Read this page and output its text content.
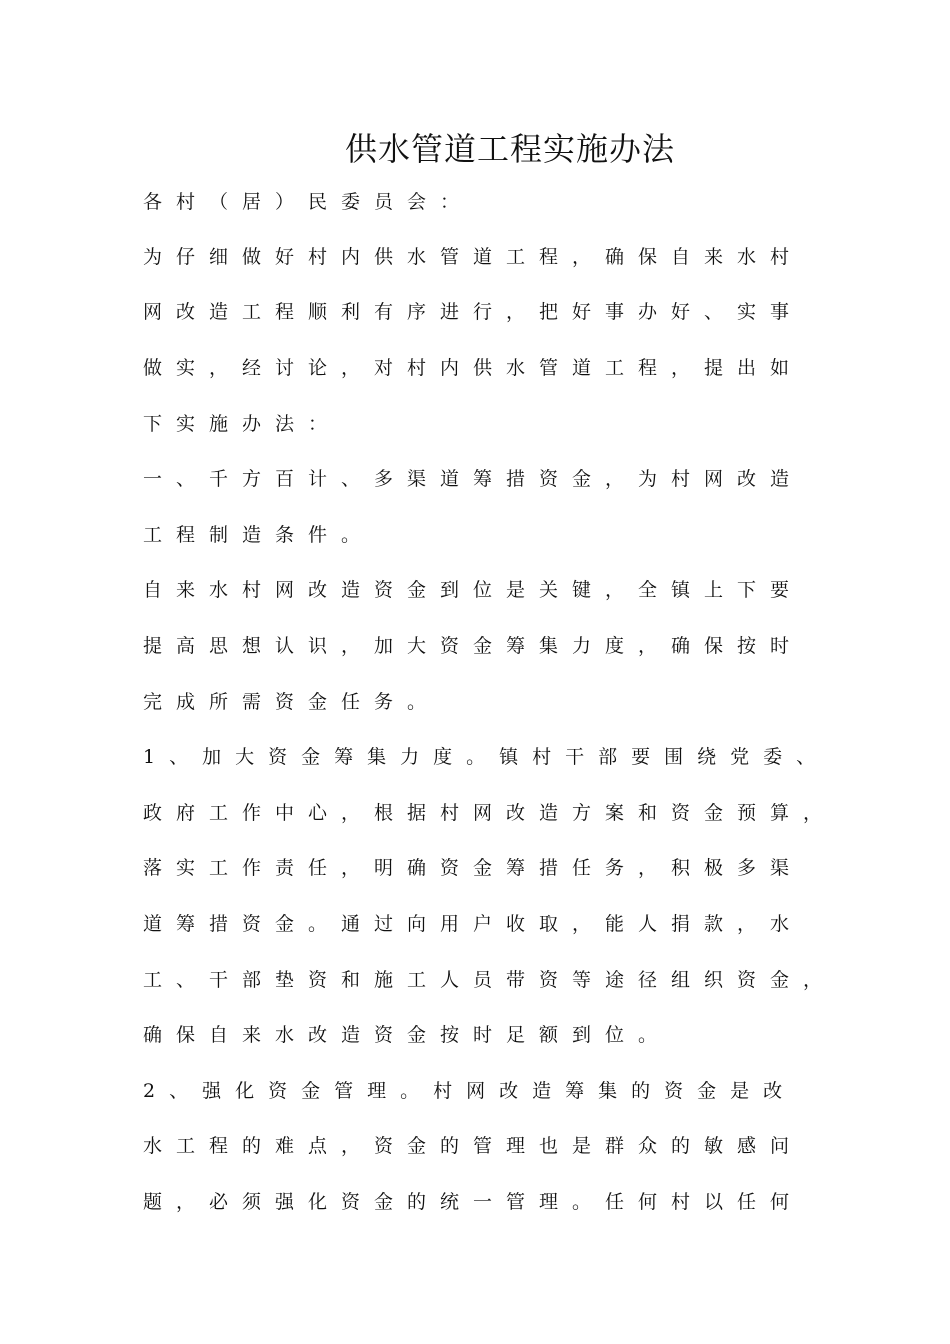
供水管道工程实施办法
各村（居）民委员会：
为仔细做好村内供水管道工程，确保自来水村
网改造工程顺利有序进行，把好事办好、实事
做实，经讨论，对村内供水管道工程，提出如
下实施办法：
一、千方百计、多渠道筹措资金，为村网改造
工程制造条件。
自来水村网改造资金到位是关键，全镇上下要
提高思想认识，加大资金筹集力度，确保按时
完成所需资金任务。
1、加大资金筹集力度。镇村干部要围绕党委、
政府工作中心，根据村网改造方案和资金预算，
落实工作责任，明确资金筹措任务，积极多渠
道筹措资金。通过向用户收取，能人捐款，水
工、干部垫资和施工人员带资等途径组织资金，
确保自来水改造资金按时足额到位。
2、强化资金管理。村网改造筹集的资金是改
水工程的难点，资金的管理也是群众的敏感问
题，必须强化资金的统一管理。任何村以任何
